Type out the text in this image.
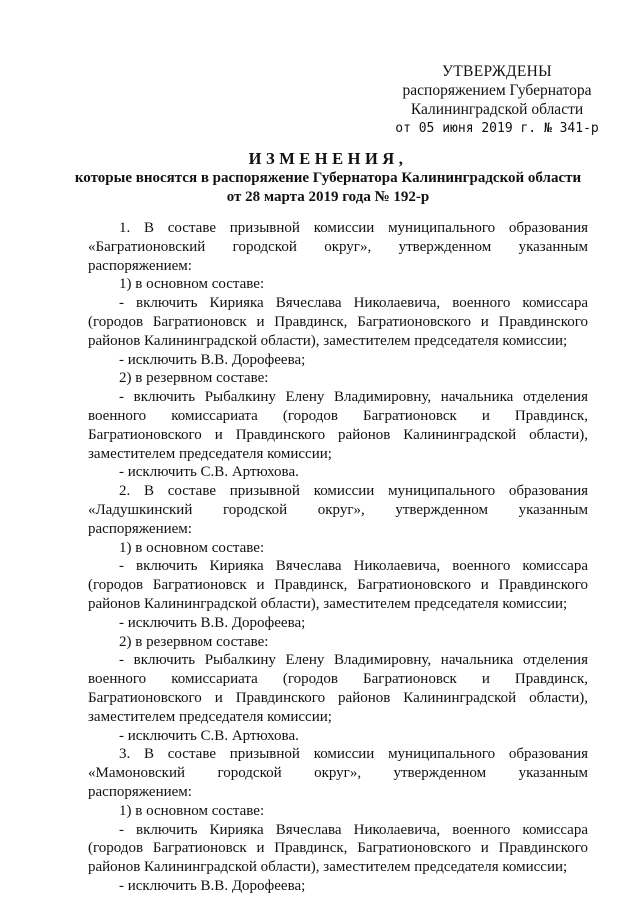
УТВЕРЖДЕНЫ
распоряжением Губернатора
Калининградской области
от 05 июня 2019 г. № 341-р
ИЗМЕНЕНИЯ,
которые вносятся в распоряжение Губернатора Калининградской области
от 28 марта 2019 года № 192-р

1. В составе призывной комиссии муниципального образования

«Багратионовский городской округ», утвержденном указанным

распоряжением:

1) в основном составе:

- включить Кирияка Вячеслава Николаевича, военного комиссара

(городов Багратионовск и Правдинск, Багратионовского и Правдинского

районов Калининградской области), заместителем председателя комиссии;

- исключить В.В. Дорофеева;

2) в резервном составе:

- включить Рыбалкину Елену Владимировну, начальника отделения

военного комиссариата (городов Багратионовск и Правдинск,

Багратионовского и Правдинского районов Калининградской области),

заместителем председателя комиссии;

- исключить С.В. Артюхова.

2. В составе призывной комиссии муниципального образования

«Ладушкинский городской округ», утвержденном указанным

распоряжением:

1) в основном составе:

- включить Кирияка Вячеслава Николаевича, военного комиссара

(городов Багратионовск и Правдинск, Багратионовского и Правдинского

районов Калининградской области), заместителем председателя комиссии;

- исключить В.В. Дорофеева;

2) в резервном составе:

- включить Рыбалкину Елену Владимировну, начальника отделения

военного комиссариата (городов Багратионовск и Правдинск,

Багратионовского и Правдинского районов Калининградской области),

заместителем председателя комиссии;

- исключить С.В. Артюхова.

3. В составе призывной комиссии муниципального образования

«Мамоновский городской округ», утвержденном указанным

распоряжением:

1) в основном составе:

- включить Кирияка Вячеслава Николаевича, военного комиссара

(городов Багратионовск и Правдинск, Багратионовского и Правдинского

районов Калининградской области), заместителем председателя комиссии;

- исключить В.В. Дорофеева;
